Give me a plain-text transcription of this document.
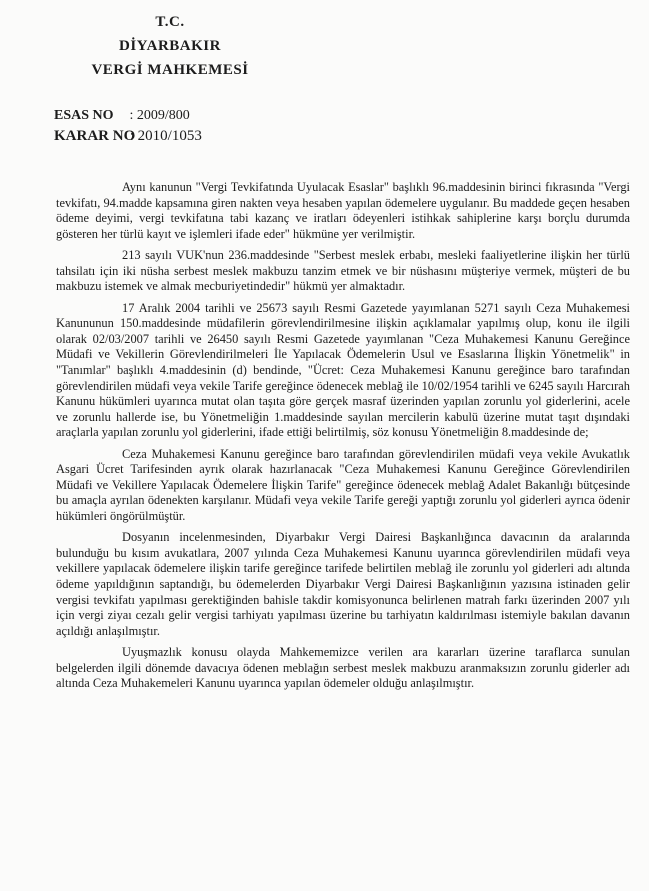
T.C.
DİYARBAKIR
VERGİ MAHKEMESİ
ESAS NO : 2009/800
KARAR NO : 2010/1053

Aynı kanunun "Vergi Tevkifatında Uyulacak Esaslar" başlıklı 96.maddesinin birinci fıkrasında "Vergi tevkifatı, 94.madde kapsamına giren nakten veya hesaben yapılan ödemelere uygulanır. Bu maddede geçen hesaben ödeme deyimi, vergi tevkifatına tabi kazanç ve iratları ödeyenleri istihkak sahiplerine karşı borçlu durumda gösteren her türlü kayıt ve işlemleri ifade eder" hükmüne yer verilmiştir.

213 sayılı VUK'nun 236.maddesinde "Serbest meslek erbabı, mesleki faaliyetlerine ilişkin her türlü tahsilatı için iki nüsha serbest meslek makbuzu tanzim etmek ve bir nüshasını müşteriye vermek, müşteri de bu makbuzu istemek ve almak mecburiyetindedir" hükmü yer almaktadır.

17 Aralık 2004 tarihli ve 25673 sayılı Resmi Gazetede yayımlanan 5271 sayılı Ceza Muhakemesi Kanununun 150.maddesinde müdafilerin görevlendirilmesine ilişkin açıklamalar yapılmış olup, konu ile ilgili olarak 02/03/2007 tarihli ve 26450 sayılı Resmi Gazetede yayımlanan "Ceza Muhakemesi Kanunu Gereğince Müdafi ve Vekillerin Görevlendirilmeleri İle Yapılacak Ödemelerin Usul ve Esaslarına İlişkin Yönetmelik" in "Tanımlar" başlıklı 4.maddesinin (d) bendinde, "Ücret: Ceza Muhakemesi Kanunu gereğince baro tarafından görevlendirilen müdafi veya vekile Tarife gereğince ödenecek meblağ ile 10/02/1954 tarihli ve 6245 sayılı Harcırah Kanunu hükümleri uyarınca mutat olan taşıta göre gerçek masraf üzerinden yapılan zorunlu yol giderlerini, acele ve zorunlu hallerde ise, bu Yönetmeliğin 1.maddesinde sayılan mercilerin kabulü üzerine mutat taşıt dışındaki araçlarla yapılan zorunlu yol giderlerini, ifade ettiği belirtilmiş, söz konusu Yönetmeliğin 8.maddesinde de;

Ceza Muhakemesi Kanunu gereğince baro tarafından görevlendirilen müdafi veya vekile Avukatlık Asgari Ücret Tarifesinden ayrık olarak hazırlanacak "Ceza Muhakemesi Kanunu Gereğince Görevlendirilen Müdafi ve Vekillere Yapılacak Ödemelere İlişkin Tarife" gereğince ödenecek meblağ Adalet Bakanlığı bütçesinde bu amaçla ayrılan ödenekten karşılanır. Müdafi veya vekile Tarife gereği yaptığı zorunlu yol giderleri ayrıca ödenir hükümleri öngörülmüştür.

Dosyanın incelenmesinden, Diyarbakır Vergi Dairesi Başkanlığınca davacının da aralarında bulunduğu bu kısım avukatlara, 2007 yılında Ceza Muhakemesi Kanunu uyarınca görevlendirilen müdafi veya vekillere yapılacak ödemelere ilişkin tarife gereğince tarifede belirtilen meblağ ile zorunlu yol giderleri adı altında ödeme yapıldığının saptandığı, bu ödemelerden Diyarbakır Vergi Dairesi Başkanlığının yazısına istinaden gelir vergisi tevkifatı yapılması gerektiğinden bahisle takdir komisyonunca belirlenen matrah farkı üzerinden 2007 yılı için vergi ziyaı cezalı gelir vergisi tarhiyatı yapılması üzerine bu tarhiyatın kaldırılması istemiyle bakılan davanın açıldığı anlaşılmıştır.

Uyuşmazlık konusu olayda Mahkememizce verilen ara kararları üzerine taraflarca sunulan belgelerden ilgili dönemde davacıya ödenen meblağın serbest meslek makbuzu aranmaksızın zorunlu giderler adı altında Ceza Muhakemeleri Kanunu uyarınca yapılan ödemeler olduğu anlaşılmıştır.
